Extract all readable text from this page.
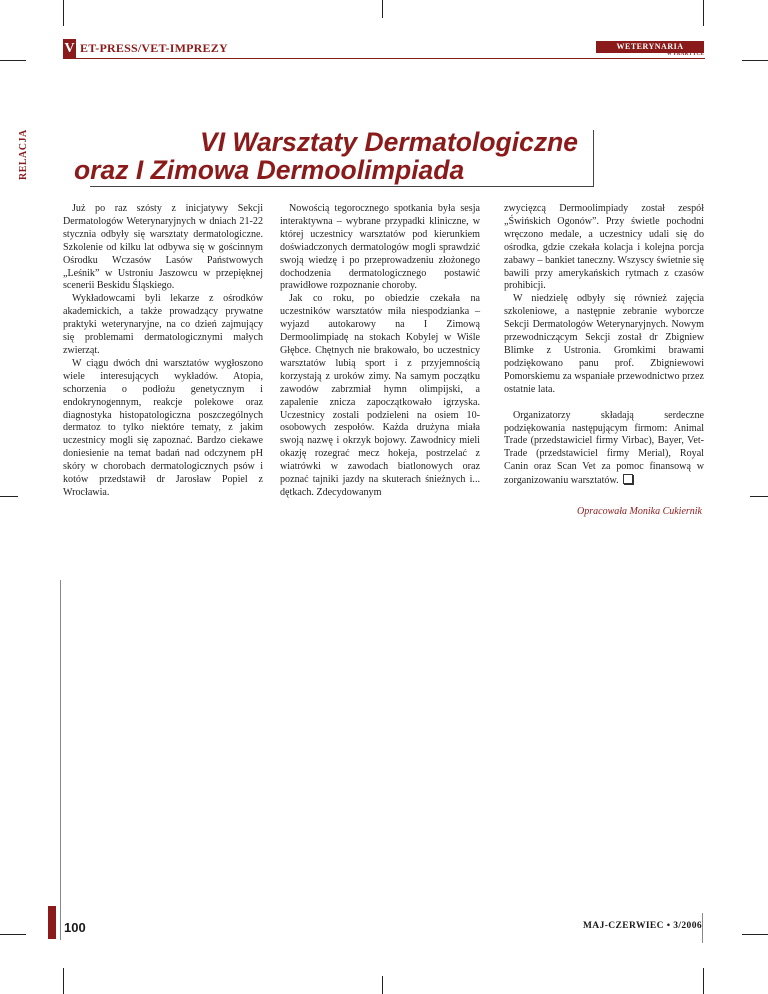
V ET-PRESS/VET-IMPREZY	WETERYNARIA
W PRAKTYCE
RELACJA	VI Warsztaty Dermatologiczne
oraz I Zimowa Dermoolimpiada

Już po raz szósty z inicjatywy Sekcji Dermatologów Weterynaryjnych w dniach 21-22 stycznia odbyły się warsztaty dermatologiczne. Szkolenie od kilku lat odbywa się w gościnnym Ośrodku Wczasów Lasów Państwowych „Leśnik” w Ustroniu Jaszowcu w przepięknej scenerii Beskidu Śląskiego.

Wykładowcami byli lekarze z ośrodków akademickich, a także prowadzący prywatne praktyki weterynaryjne, na co dzień zajmujący się problemami dermatologicznymi małych zwierząt.

W ciągu dwóch dni warsztatów wygłoszono wiele interesujących wykładów. Atopia, schorzenia o podłożu genetycznym i endokrynogennym, reakcje polekowe oraz diagnostyka histopatologiczna poszczególnych dermatoz to tylko niektóre tematy, z jakim uczestnicy mogli się zapoznać. Bardzo ciekawe doniesienie na temat badań nad odczynem pH skóry w chorobach dermatologicznych psów i kotów przedstawił dr Jarosław Popiel z Wrocławia.

Nowością tegorocznego spotkania była sesja interaktywna – wybrane przypadki kliniczne, w której uczestnicy warsztatów pod kierunkiem doświadczonych dermatologów mogli sprawdzić swoją wiedzę i po przeprowadzeniu złożonego dochodzenia dermatologicznego postawić prawidłowe rozpoznanie choroby.

Jak co roku, po obiedzie czekała na uczestników warsztatów miła niespodzianka – wyjazd autokarowy na I Zimową Dermoolimpiadę na stokach Kobylej w Wiśle Głębce. Chętnych nie brakowało, bo uczestnicy warsztatów lubią sport i z przyjemnością korzystają z uroków zimy. Na samym początku zawodów zabrzmiał hymn olimpijski, a zapalenie znicza zapoczątkowało igrzyska. Uczestnicy zostali podzieleni na osiem 10-osobowych zespołów. Każda drużyna miała swoją nazwę i okrzyk bojowy. Zawodnicy mieli okazję rozegrać mecz hokeja, postrzelać z wiatrówki w zawodach biatlonowych oraz poznać tajniki jazdy na skuterach śnieżnych i... dętkach. Zdecydowanym

zwycięzcą Dermoolimpiady został zespół „Świńskich Ogonów”. Przy świetle pochodni wręczono medale, a uczestnicy udali się do ośrodka, gdzie czekała kolacja i kolejna porcja zabawy – bankiet taneczny. Wszyscy świetnie się bawili przy amerykańskich rytmach z czasów prohibicji.

W niedzielę odbyły się również zajęcia szkoleniowe, a następnie zebranie wyborcze Sekcji Dermatologów Weterynaryjnych. Nowym przewodniczącym Sekcji został dr Zbigniew Blimke z Ustronia. Gromkimi brawami podziękowano panu prof. Zbigniewowi Pomorskiemu za wspaniałe przewodnictwo przez ostatnie lata.

Organizatorzy składają serdeczne podziękowania następującym firmom: Animal Trade (przedstawiciel firmy Virbac), Bayer, Vet-Trade (przedstawiciel firmy Merial), Royal Canin oraz Scan Vet za pomoc finansową w zorganizowaniu warsztatów.

Opracowała Monika Cukiernik
100	MAJ-CZERWIEC • 3/2006
